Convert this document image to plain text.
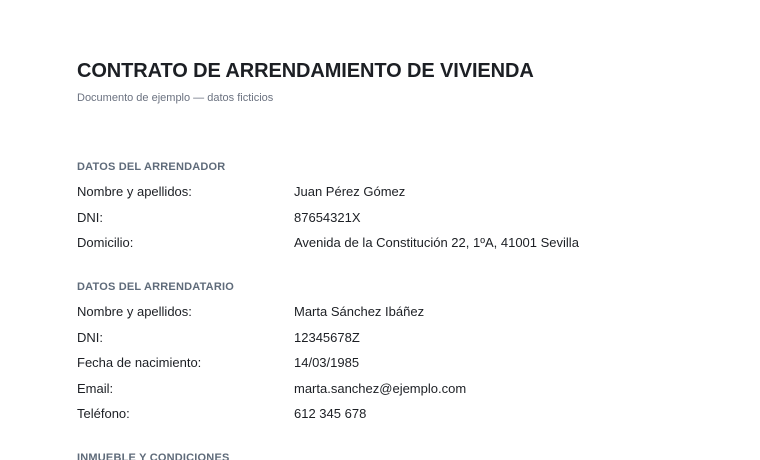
CONTRATO DE ARRENDAMIENTO DE VIVIENDA
Documento de ejemplo — datos ficticios
DATOS DEL ARRENDADOR
Nombre y apellidos:	Juan Pérez Gómez
DNI:	87654321X
Domicilio:	Avenida de la Constitución 22, 1ºA, 41001 Sevilla
DATOS DEL ARRENDATARIO
Nombre y apellidos:	Marta Sánchez Ibáñez
DNI:	12345678Z
Fecha de nacimiento:	14/03/1985
Email:	marta.sanchez@ejemplo.com
Teléfono:	612 345 678
INMUEBLE Y CONDICIONES
